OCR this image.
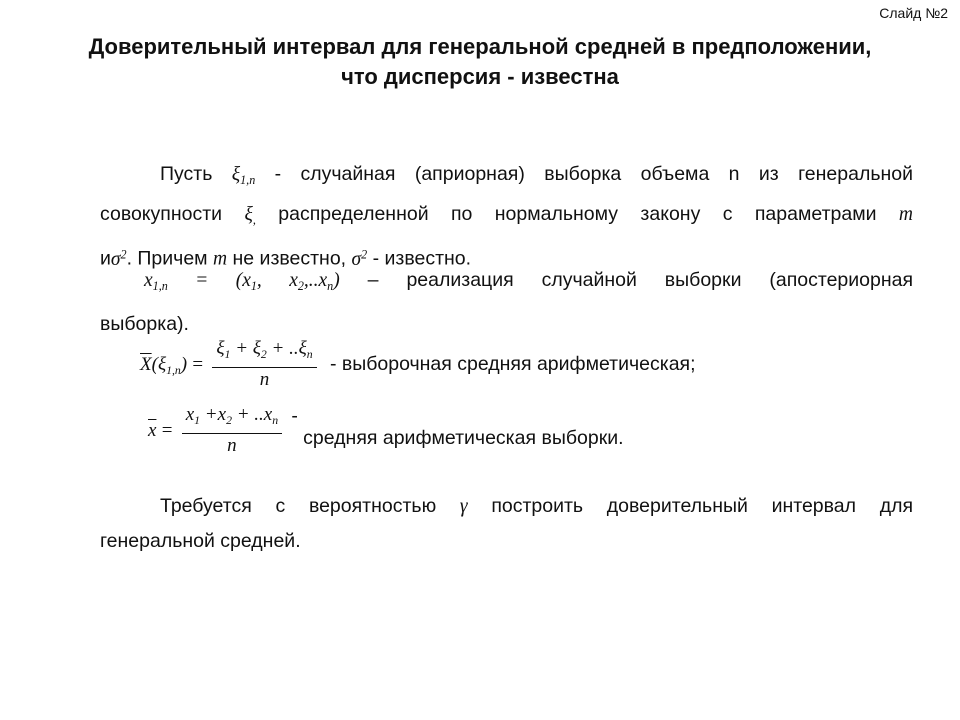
Слайд №2
Доверительный интервал для генеральной средней в предположении,
что дисперсия - известна
Пусть $\xi_{1,n}$ - случайная (априорная) выборка объема n из генеральной
совокупности $\xi_,$ распределенной по нормальному закону с параметрами m
$и\sigma^2$. Причем m не известно, $\sigma^2$ - известно.
$x_{1,n} = (x_1$, $x_2,..x_n$) – реализация случайной выборки (апостериорная
выборка).
$\overline{X}(\xi_{1,n}) = \frac{\xi_1 + \xi_2 + ..\xi_n}{n}$ - выборочная средняя арифметическая;
$\overline{x} = \frac{x_1 +x_2 + ..x_n}{n}$ - средняя арифметическая выборки.
Требуется с вероятностью γ построить доверительный интервал для
генеральной средней.
